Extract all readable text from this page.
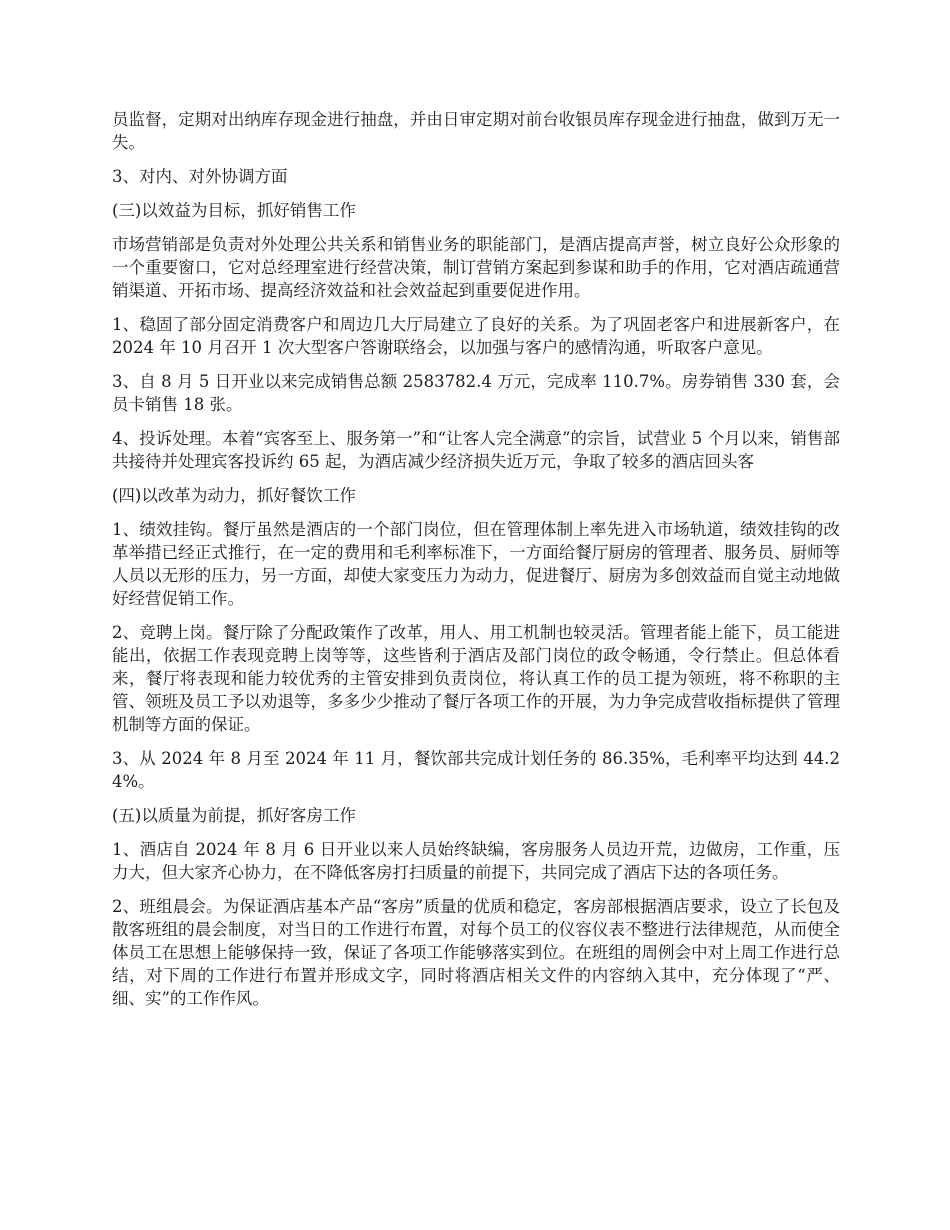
员监督，定期对出纳库存现金进行抽盘，并由日审定期对前台收银员库存现金进行抽盘，做到万无一失。

3、对内、对外协调方面

(三)以效益为目标，抓好销售工作

市场营销部是负责对外处理公共关系和销售业务的职能部门，是酒店提高声誉，树立良好公众形象的一个重要窗口，它对总经理室进行经营决策，制订营销方案起到参谋和助手的作用，它对酒店疏通营销渠道、开拓市场、提高经济效益和社会效益起到重要促进作用。

1、稳固了部分固定消费客户和周边几大厅局建立了良好的关系。为了巩固老客户和进展新客户，在 2024 年 10 月召开 1 次大型客户答谢联络会，以加强与客户的感情沟通，听取客户意见。

3、自 8 月 5 日开业以来完成销售总额 2583782.4 万元，完成率 110.7%。房券销售 330 套，会员卡销售 18 张。

4、投诉处理。本着“宾客至上、服务第一”和“让客人完全满意”的宗旨，试营业 5 个月以来，销售部共接待并处理宾客投诉约 65 起，为酒店减少经济损失近万元，争取了较多的酒店回头客

(四)以改革为动力，抓好餐饮工作

1、绩效挂钩。餐厅虽然是酒店的一个部门岗位，但在管理体制上率先进入市场轨道，绩效挂钩的改革举措已经正式推行，在一定的费用和毛利率标准下，一方面给餐厅厨房的管理者、服务员、厨师等人员以无形的压力，另一方面，却使大家变压力为动力，促进餐厅、厨房为多创效益而自觉主动地做好经营促销工作。

2、竞聘上岗。餐厅除了分配政策作了改革，用人、用工机制也较灵活。管理者能上能下，员工能进能出，依据工作表现竞聘上岗等等，这些皆利于酒店及部门岗位的政令畅通，令行禁止。但总体看来，餐厅将表现和能力较优秀的主管安排到负责岗位，将认真工作的员工提为领班，将不称职的主管、领班及员工予以劝退等，多多少少推动了餐厅各项工作的开展，为力争完成营收指标提供了管理机制等方面的保证。

3、从 2024 年 8 月至 2024 年 11 月，餐饮部共完成计划任务的 86.35%，毛利率平均达到 44.24%。

(五)以质量为前提，抓好客房工作

1、酒店自 2024 年 8 月 6 日开业以来人员始终缺编，客房服务人员边开荒，边做房，工作重，压力大，但大家齐心协力，在不降低客房打扫质量的前提下，共同完成了酒店下达的各项任务。

2、班组晨会。为保证酒店基本产品“客房”质量的优质和稳定，客房部根据酒店要求，设立了长包及散客班组的晨会制度，对当日的工作进行布置，对每个员工的仪容仪表不整进行法律规范，从而使全体员工在思想上能够保持一致，保证了各项工作能够落实到位。在班组的周例会中对上周工作进行总结，对下周的工作进行布置并形成文字，同时将酒店相关文件的内容纳入其中，充分体现了“严、细、实”的工作作风。
